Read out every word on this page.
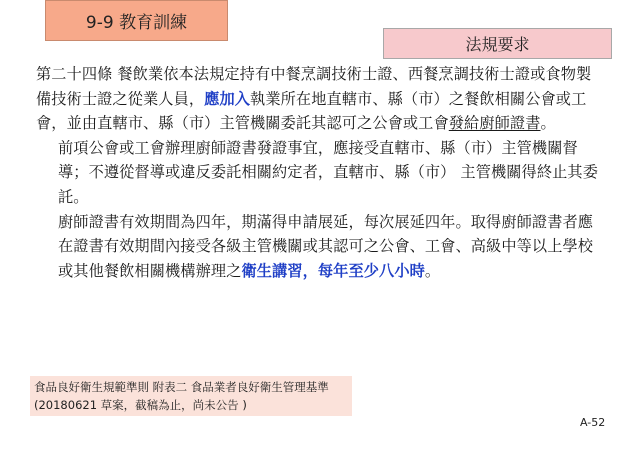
9-9 教育訓練
法規要求

第二十四條 餐飲業依本法規定持有中餐烹調技術士證、西餐烹調技術士證或食物製備技術士證之從業人員，應加入執業所在地直轄市、縣（市）之餐飲相關公會或工會，並由直轄市、縣（市）主管機關委託其認可之公會或工會發給廚師證書。

前項公會或工會辦理廚師證書發證事宜，應接受直轄市、縣（市）主管機關督導；不遵從督導或違反委託相關約定者，直轄市、縣（市） 主管機關得終止其委託。

廚師證書有效期間為四年，期滿得申請展延，每次展延四年。取得廚師證書者應在證書有效期間內接受各級主管機關或其認可之公會、工會、高級中等以上學校或其他餐飲相關機構辦理之衛生講習，每年至少八小時。

食品良好衛生規範準則 附表二 食品業者良好衛生管理基準
(20180621 草案，截稿為止，尚未公告 )
A-52
